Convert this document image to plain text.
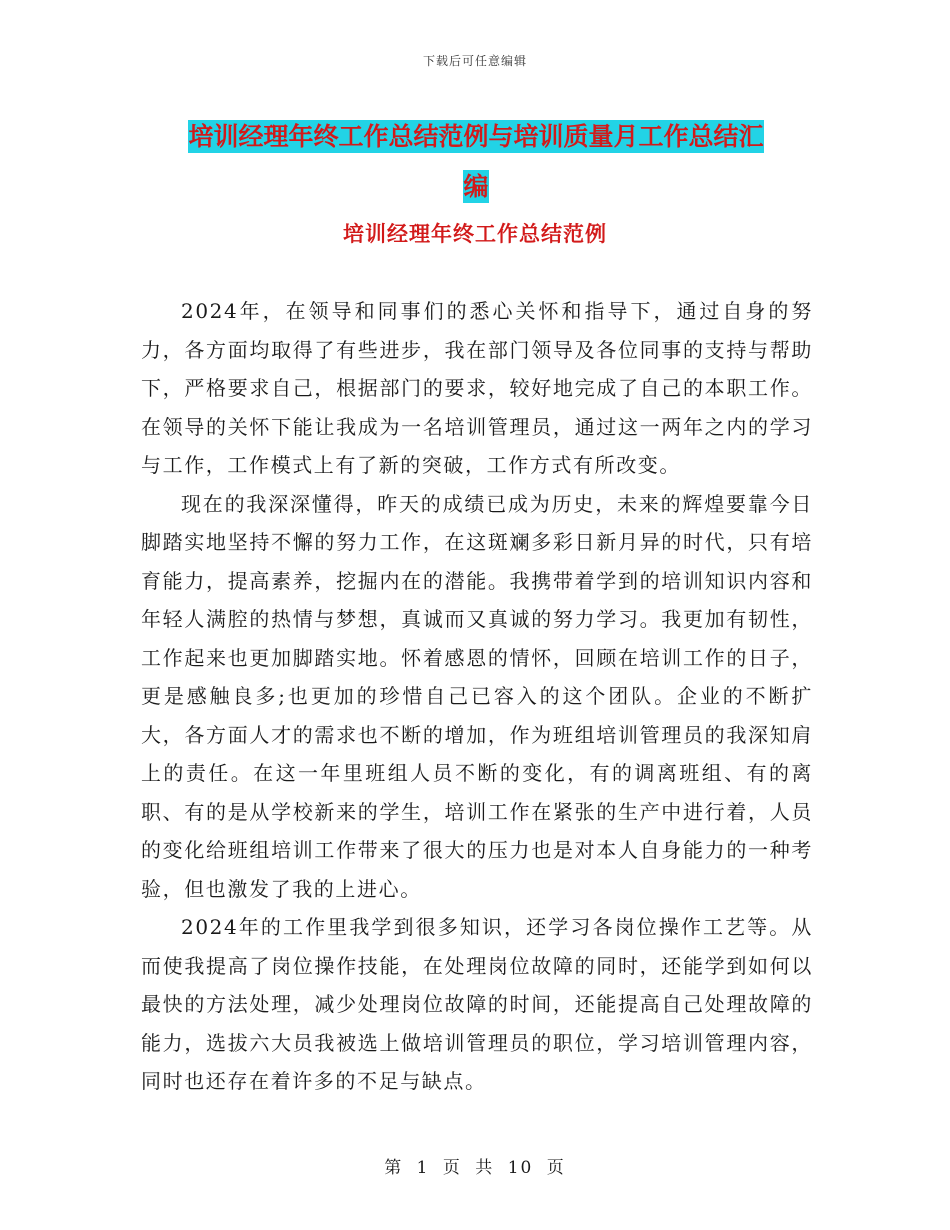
下载后可任意编辑
培训经理年终工作总结范例与培训质量月工作总结汇
编
培训经理年终工作总结范例

2024年，在领导和同事们的悉心关怀和指导下，通过自身的努力，各方面均取得了有些进步，我在部门领导及各位同事的支持与帮助下，严格要求自己，根据部门的要求，较好地完成了自己的本职工作。在领导的关怀下能让我成为一名培训管理员，通过这一两年之内的学习与工作，工作模式上有了新的突破，工作方式有所改变。

现在的我深深懂得，昨天的成绩已成为历史，未来的辉煌要靠今日脚踏实地坚持不懈的努力工作，在这斑斓多彩日新月异的时代，只有培育能力，提高素养，挖掘内在的潜能。我携带着学到的培训知识内容和年轻人满腔的热情与梦想，真诚而又真诚的努力学习。我更加有韧性，工作起来也更加脚踏实地。怀着感恩的情怀，回顾在培训工作的日子，更是感触良多;也更加的珍惜自己已容入的这个团队。企业的不断扩大，各方面人才的需求也不断的增加，作为班组培训管理员的我深知肩上的责任。在这一年里班组人员不断的变化，有的调离班组、有的离职、有的是从学校新来的学生，培训工作在紧张的生产中进行着，人员的变化给班组培训工作带来了很大的压力也是对本人自身能力的一种考验，但也激发了我的上进心。

2024年的工作里我学到很多知识，还学习各岗位操作工艺等。从而使我提高了岗位操作技能，在处理岗位故障的同时，还能学到如何以最快的方法处理，减少处理岗位故障的时间，还能提高自己处理故障的能力，选拔六大员我被选上做培训管理员的职位，学习培训管理内容，同时也还存在着许多的不足与缺点。

第 1 页 共 10 页
